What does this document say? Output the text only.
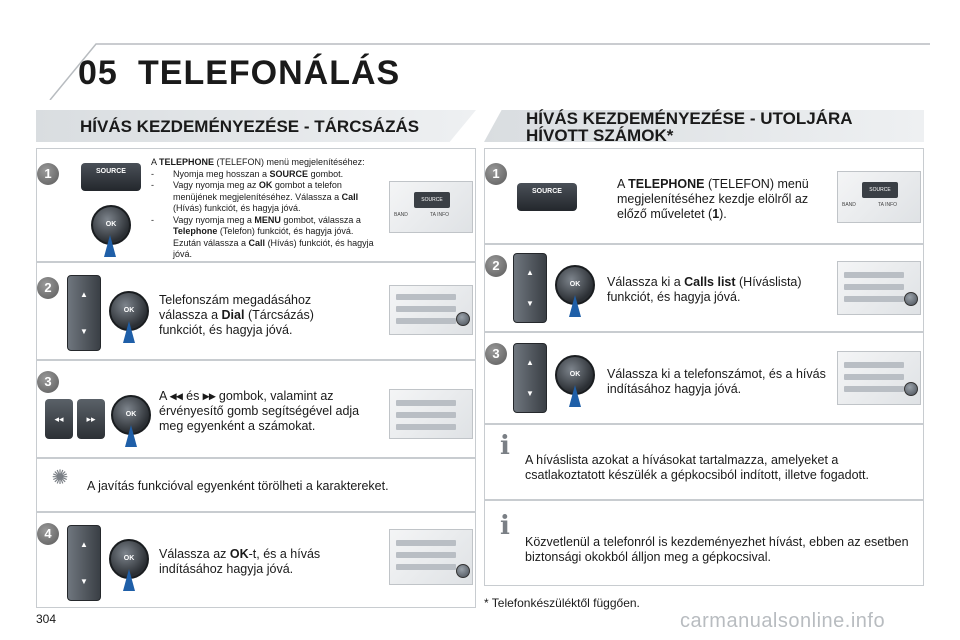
05 TELEFONÁLÁS
HÍVÁS KEZDEMÉNYEZÉSE - TÁRCSÁZÁS	HÍVÁS KEZDEMÉNYEZÉSE - UTOLJÁRA HÍVOTT SZÁMOK*
1	SOURCE
OK
A TELEPHONE (TELEFON) menü megjelenítéséhez:
- Nyomja meg hosszan a SOURCE gombot.
- Vagy nyomja meg az OK gombot a telefon menüjének megjelenítéséhez. Válassza a Call (Hívás) funkciót, és hagyja jóvá.
- Vagy nyomja meg a MENU gombot, válassza a Telephone (Telefon) funkciót, és hagyja jóvá. Ezután válassza a Call (Hívás) funkciót, és hagyja jóvá.
SOURCE
BAND	TA INFO
2	▲
▼
OK
Telefonszám megadásához válassza a Dial (Tárcsázás) funkciót, és hagyja jóvá.
3
◂◂	▸▸	OK
A ◂◂ és ▸▸ gombok, valamint az érvényesítő gomb segítségével adja meg egyenként a számokat.
✺ A javítás funkcióval egyenként törölheti a karaktereket.
4
▲
▼
OK	Válassza az OK-t, és a hívás indításához hagyja jóvá.
1
SOURCE
A TELEPHONE (TELEFON) menü megjelenítéséhez kezdje elölről az előző műveletet (1).
SOURCE
BAND	TA INFO
2	▲
▼
OK	Válassza ki a Calls list (Híváslista) funkciót, és hagyja jóvá.
3
▲
▼
OK	Válassza ki a telefonszámot, és a hívás indításához hagyja jóvá.
i	A híváslista azokat a hívásokat tartalmazza, amelyeket a csatlakoztatott készülék a gépkocsiból indított, illetve fogadott.
i
Közvetlenül a telefonról is kezdeményezhet hívást, ebben az esetben biztonsági okokból álljon meg a gépkocsival.
* Telefonkészüléktől függően.
304	carmanualsonline.info
